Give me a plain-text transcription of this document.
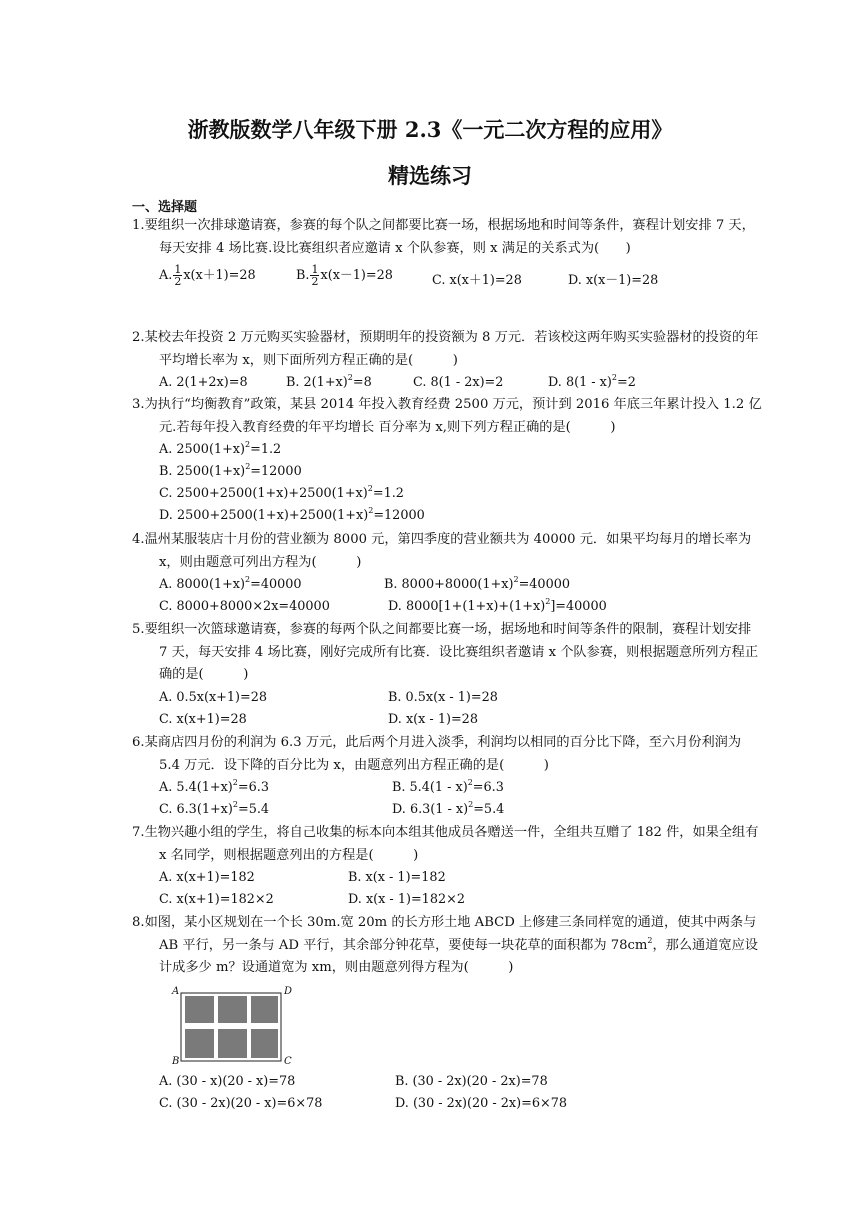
浙教版数学八年级下册 2.3《一元二次方程的应用》
精选练习
一、选择题
1.要组织一次排球邀请赛，参赛的每个队之间都要比赛一场，根据场地和时间等条件，赛程计划安排 7 天，每天安排 4 场比赛.设比赛组织者应邀请 x 个队参赛，则 x 满足的关系式为(　　)
A. $\frac{1}{2} x(x+1)=28$	B. $\frac{1}{2} x(x-1)=28$	C. x(x＋1)=28	D. x(x－1)=28
2.某校去年投资 2 万元购买实验器材，预期明年的投资额为 8 万元．若该校这两年购买实验器材的投资的年平均增长率为 x，则下面所列方程正确的是(　　　)
A. 2(1+2x)=8	B. $2(1+x)^2=8$	C. 8(1 - 2x)=2	D. 8(1 - x)$^2$=2
3.为执行“均衡教育”政策，某县 2014 年投入教育经费 2500 万元，预计到 2016 年底三年累计投入 1.2 亿元.若每年投入教育经费的年平均增长 百分率为 x,则下列方程正确的是(　　　)
A. $2500(1+x)^2=1.2$
B. $2500(1+x)^2=12000$
C. $2500+2500(1+x)+2500(1+x)^2=1.2$
D. $2500+2500(1+x)+2500(1+x)^2=12000$
4.温州某服装店十月份的营业额为 8000 元，第四季度的营业额共为 40000 元．如果平均每月的增长率为 x，则由题意可列出方程为(　　　)
A. $8000(1+x)^2=40000$	B. $8000+8000(1+x)^2=40000$
C. 8000+8000×2x=40000	D. $8000[1+(1+x)+(1+x)^2]=40000$
5.要组织一次篮球邀请赛，参赛的每两个队之间都要比赛一场，据场地和时间等条件的限制，赛程计划安排 7 天，每天安排 4 场比赛，刚好完成所有比赛．设比赛组织者邀请 x 个队参赛，则根据题意所列方程正确的是(　　　)
A. 0.5x(x+1)=28	B. 0.5x(x - 1)=28
C. x(x+1)=28	D. x(x - 1)=28
6.某商店四月份的利润为 6.3 万元，此后两个月进入淡季，利润均以相同的百分比下降，至六月份利润为 5.4 万元．设下降的百分比为 x，由题意列出方程正确的是(　　　)
A. $5.4(1+x)^2=6.3$	B. 5.4(1 - x)$^2$=6.3
C. $6.3(1+x)^2=5.4$	D. 6.3(1 - x)$^2$=5.4
7.生物兴趣小组的学生，将自己收集的标本向本组其他成员各赠送一件，全组共互赠了 182 件，如果全组有 x 名同学，则根据题意列出的方程是(　　　)
A. x(x+1)=182	B. x(x - 1)=182
C. x(x+1)=182×2	D. x(x - 1)=182×2
8.如图，某小区规划在一个长 30m.宽 20m 的长方形土地 ABCD 上修建三条同样宽的通道，使其中两条与 AB 平行，另一条与 AD 平行，其余部分钟花草，要使每一块花草的面积都为 $78cm^2$，那么通道宽应设计成多少 m？设通道宽为 xm，则由题意列得方程为(　　　)
A	D
B	C
A. (30 - x)(20 - x)=78	B. (30 - 2x)(20 - 2x)=78
C. (30 - 2x)(20 - x)=6×78	D. (30 - 2x)(20 - 2x)=6×78
